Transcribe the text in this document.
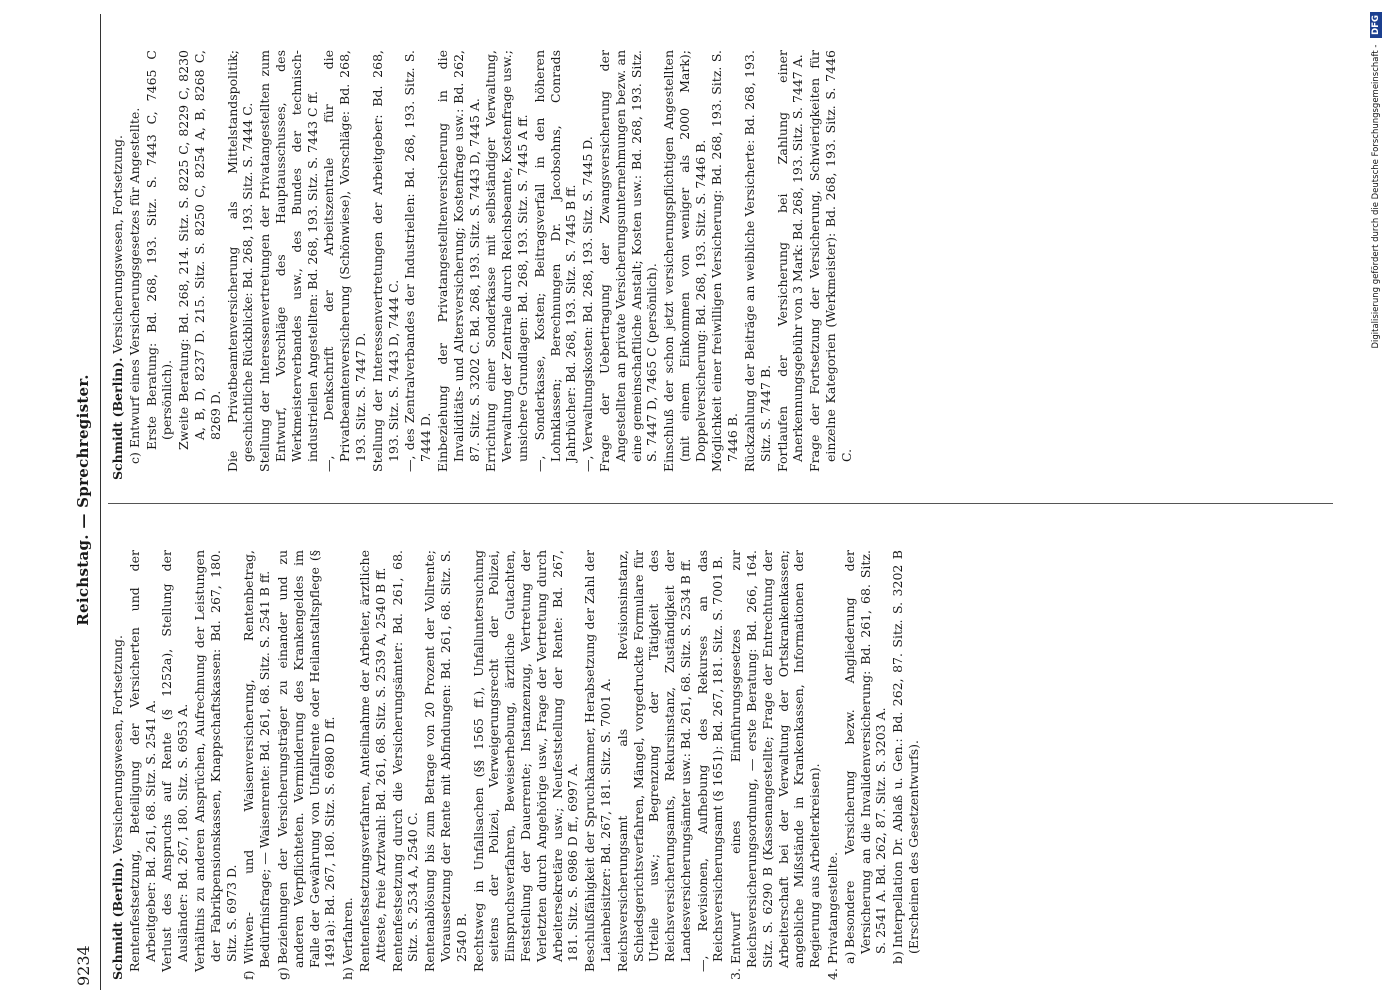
9234
Reichstag. — Sprechregister.

Schmidt (Berlin). Versicherungswesen, Fortsetzung. Rentenfestsetzung, Beteiligung der Versicherten und der Arbeitgeber: Bd. 261, 68. Sitz. S. 2541 A. Verlust des Anspruchs auf Rente (§ 1252a), Stellung der Ausländer: Bd. 267, 180. Sitz. S. 6953 A. Verhältnis zu anderen Ansprüchen, Aufrechnung der Leistungen der Fabrikpensionskassen, Knappschaftskassen: Bd. 267, 180. Sitz. S. 6973 D.

f)Witwen- und Waisenversicherung, Rentenbetrag, Bedürfnisfrage; — Waisenrente: Bd. 261, 68. Sitz. S. 2541 B ff.

g)Beziehungen der Versicherungsträger zu einander und zu anderen Verpflichteten. Verminderung des Krankengeldes im Falle der Gewährung von Unfallrente oder Heilanstaltspflege (§ 1491a): Bd. 267, 180. Sitz. S. 6980 D ff.

h)Verfahren. Rentenfestsetzungsverfahren, Anteilnahme der Arbeiter, ärztliche Atteste, freie Arztwahl: Bd. 261, 68. Sitz. S. 2539 A, 2540 B ff. Rentenfestsetzung durch die Versicherungsämter: Bd. 261, 68. Sitz. S. 2534 A, 2540 C. Rentenablösung bis zum Betrage von 20 Prozent der Vollrente; Voraussetzung der Rente mit Abfindungen: Bd. 261, 68. Sitz. S. 2540 B. Rechtsweg in Unfallsachen (§§ 1565 ff.), Unfalluntersuchung seitens der Polizei, Verweigerungsrecht der Polizei, Einspruchsverfahren, Beweiserhebung, ärztliche Gutachten, Feststellung der Dauerrente; Instanzenzug, Vertretung der Verletzten durch Angehörige usw., Frage der Vertretung durch Arbeitersekretäre usw.; Neufeststellung der Rente: Bd. 267, 181. Sitz. S. 6986 D ff., 6997 A. Beschlußfähigkeit der Spruchkammer, Herabsetzung der Zahl der Laienbeisitzer: Bd. 267, 181. Sitz. S. 7001 A. Reichsversicherungsamt als Revisionsinstanz, Schiedsgerichtsverfahren, Mängel, vorgedruckte Formulare für Urteile usw.; Begrenzung der Tätigkeit des Reichsversicherungsamts, Rekursinstanz, Zuständigkeit der Landesversicherungsämter usw.: Bd. 261, 68. Sitz. S. 2534 B ff. —, Revisionen, Aufhebung des Rekurses an das Reichsversicherungsamt (§ 1651): Bd. 267, 181. Sitz. S. 7001 B.

3.Entwurf eines Einführungsgesetzes zur Reichsversicherungsordnung, — erste Beratung: Bd. 266, 164. Sitz. S. 6290 B (Kassenangestellte; Frage der Entrechtung der Arbeiterschaft bei der Verwaltung der Ortskrankenkassen; angebliche Mißstände in Krankenkassen, Informationen der Regierung aus Arbeiterkreisen).

4.Privatangestellte. a)Besondere Versicherung bezw. Angliederung der Versicherung an die Invalidenversicherung: Bd. 261, 68. Sitz. S. 2541 A. Bd. 262, 87. Sitz. S. 3203 A.

b)Interpellation Dr. Ablaß u. Gen.: Bd. 262, 87. Sitz. S. 3202 B (Erscheinen des Gesetzentwurfs).

Schmidt (Berlin). Versicherungswesen, Fortsetzung.

c)Entwurf eines Versicherungsgesetzes für Angestellte. Erste Beratung: Bd. 268, 193. Sitz. S. 7443 C, 7465 C (persönlich). Zweite Beratung: Bd. 268, 214. Sitz. S. 8225 C, 8229 C, 8230 A, B, D, 8237 D. 215. Sitz. S. 8250 C, 8254 A, B, 8268 C, 8269 D. Die Privatbeamtenversicherung als Mittelstandspolitik; geschichtliche Rückblicke: Bd. 268, 193. Sitz. S. 7444 C. Stellung der Interessenvertretungen der Privatangestellten zum Entwurf, Vorschläge des Hauptausschusses, des Werkmeisterverbandes usw., des Bundes der technisch-industriellen Angestellten: Bd. 268, 193. Sitz. S. 7443 C ff. —, Denkschrift der Arbeitszentrale für die Privatbeamtenversicherung (Schönwiese), Vorschläge: Bd. 268, 193. Sitz. S. 7447 D. Stellung der Interessenvertretungen der Arbeitgeber: Bd. 268, 193. Sitz. S. 7443 D, 7444 C. —, des Zentralverbandes der Industriellen: Bd. 268, 193. Sitz. S. 7444 D. Einbeziehung der Privatangestelltenversicherung in die Invaliditäts- und Altersversicherung; Kostenfrage usw.: Bd. 262, 87. Sitz. S. 3202 C. Bd. 268, 193. Sitz. S. 7443 D, 7445 A. Errichtung einer Sonderkasse mit selbständiger Verwaltung, Verwaltung der Zentrale durch Reichsbeamte, Kostenfrage usw.; unsichere Grundlagen: Bd. 268, 193. Sitz. S. 7445 A ff. —, Sonderkasse, Kosten; Beitragsverfall in den höheren Lohnklassen; Berechnungen Dr. Jacobsohns, Conrads Jahrbücher: Bd. 268, 193. Sitz. S. 7445 B ff. —, Verwaltungskosten: Bd. 268, 193. Sitz. S. 7445 D. Frage der Uebertragung der Zwangsversicherung der Angestellten an private Versicherungsunternehmungen bezw. an eine gemeinschaftliche Anstalt; Kosten usw.: Bd. 268, 193. Sitz. S. 7447 D, 7465 C (persönlich). Einschluß der schon jetzt versicherungspflichtigen Angestellten (mit einem Einkommen von weniger als 2000 Mark); Doppelversicherung: Bd. 268, 193. Sitz. S. 7446 B. Möglichkeit einer freiwilligen Versicherung: Bd. 268, 193. Sitz. S. 7446 B. Rückzahlung der Beiträge an weibliche Versicherte: Bd. 268, 193. Sitz. S. 7447 B. Fortlaufen der Versicherung bei Zahlung einer Anerkennungsgebühr von 3 Mark: Bd. 268, 193. Sitz. S. 7447 A. Frage der Fortsetzung der Versicherung, Schwierigkeiten für einzelne Kategorien (Werkmeister): Bd. 268, 193. Sitz. S. 7446 C.

Digitalisierung gefördert durch die Deutsche Forschungsgemeinschaft - DFG
